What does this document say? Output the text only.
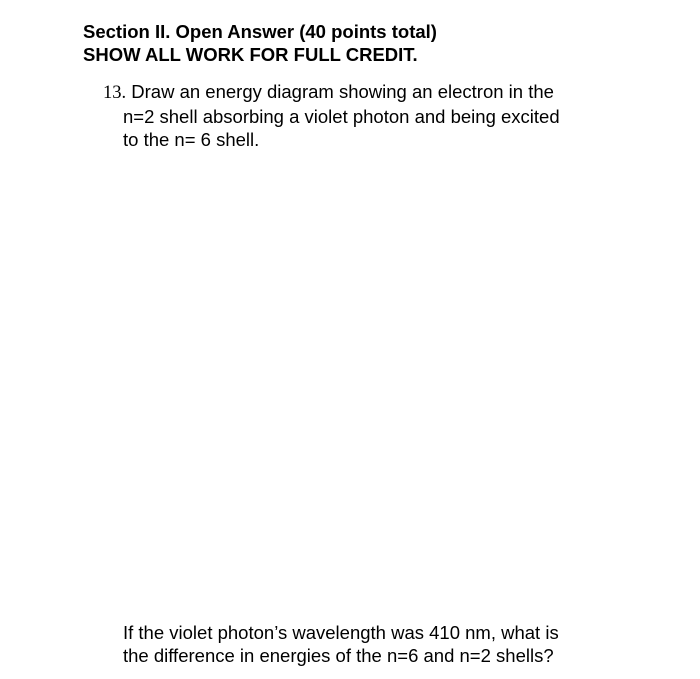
Section II. Open Answer (40 points total)
SHOW ALL WORK FOR FULL CREDIT.
13. Draw an energy diagram showing an electron in the
n=2 shell absorbing a violet photon and being excited
to the n= 6 shell.
If the violet photon’s wavelength was 410 nm, what is
the difference in energies of the n=6 and n=2 shells?
